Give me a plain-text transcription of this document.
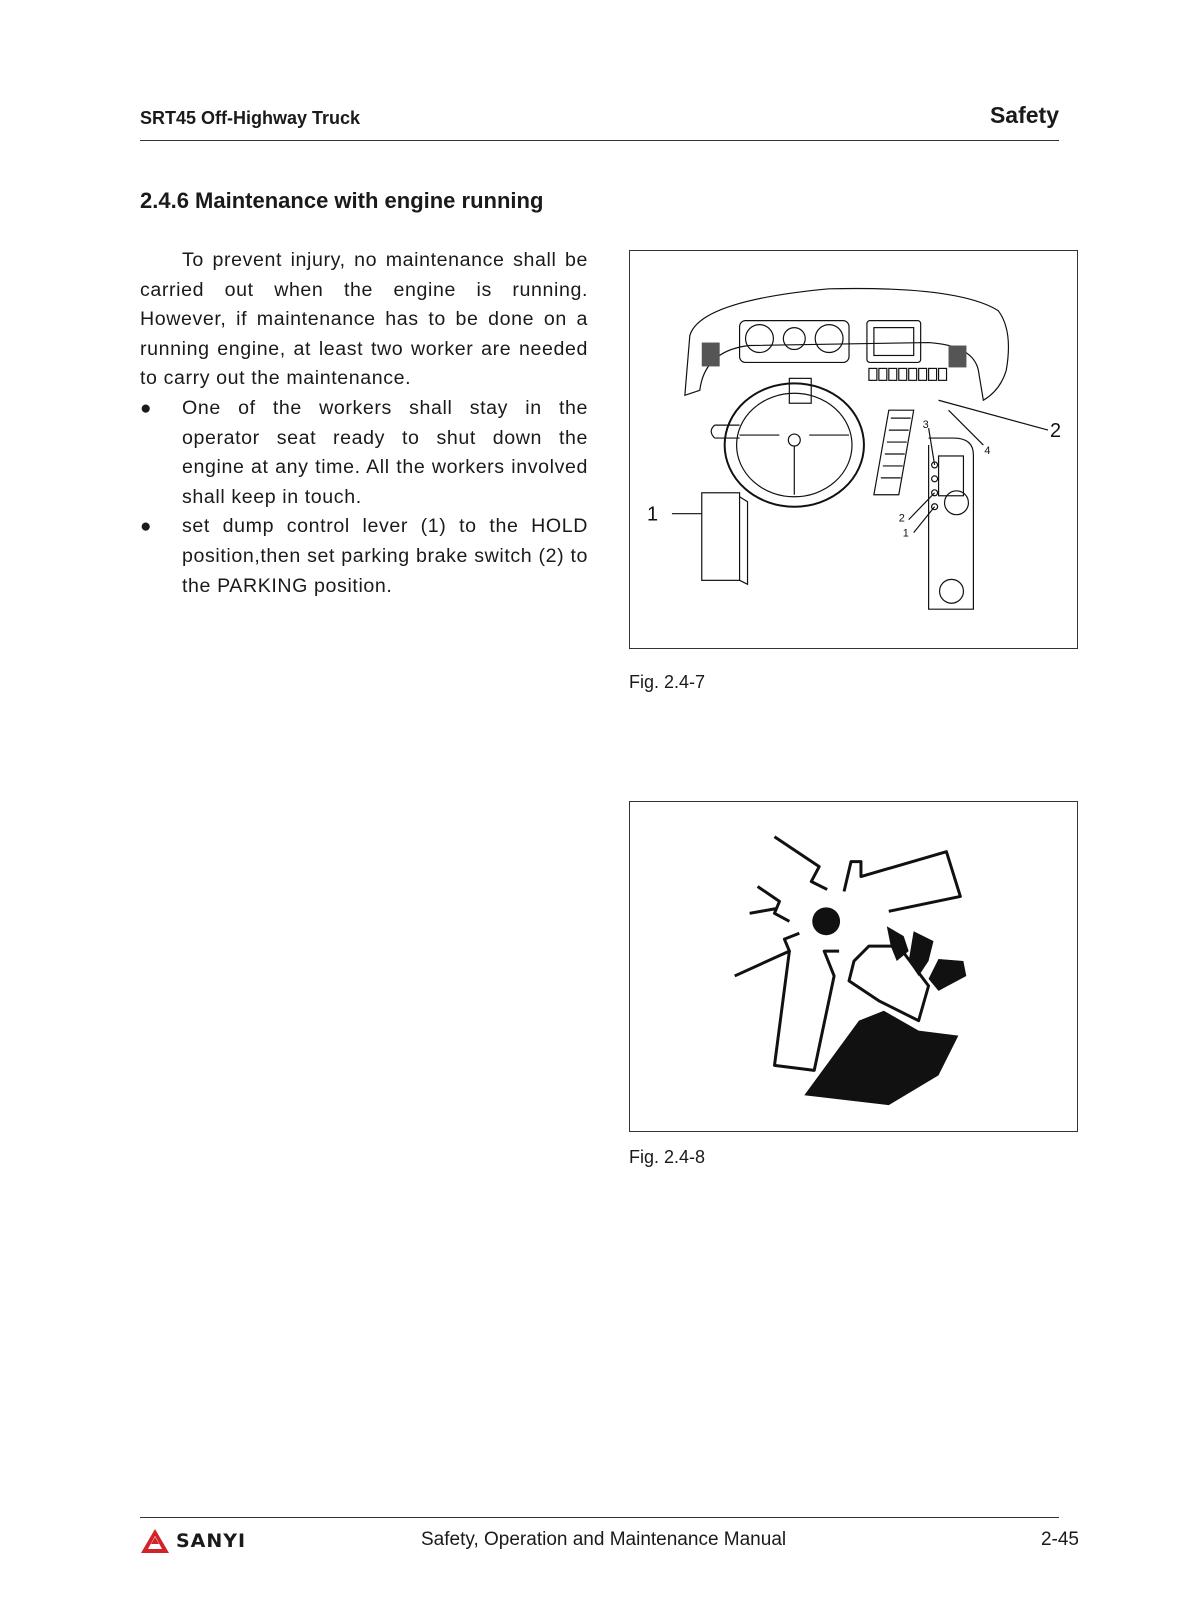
SRT45 Off-Highway Truck	Safety
2.4.6 Maintenance with engine running

To prevent injury, no maintenance shall be carried out when the engine is running. However, if maintenance has to be done on a running engine, at least two worker are needed to carry out the maintenance.

● One of the workers shall stay in the operator seat ready to shut down the engine at any time. All the workers involved shall keep in touch.
● set dump control lever (1) to the HOLD position,then set parking brake switch (2) to the PARKING position.
1
2
3
4
2
1
Fig. 2.4-7
Fig. 2.4-8
SANYI	Safety, Operation and Maintenance Manual	2-45
